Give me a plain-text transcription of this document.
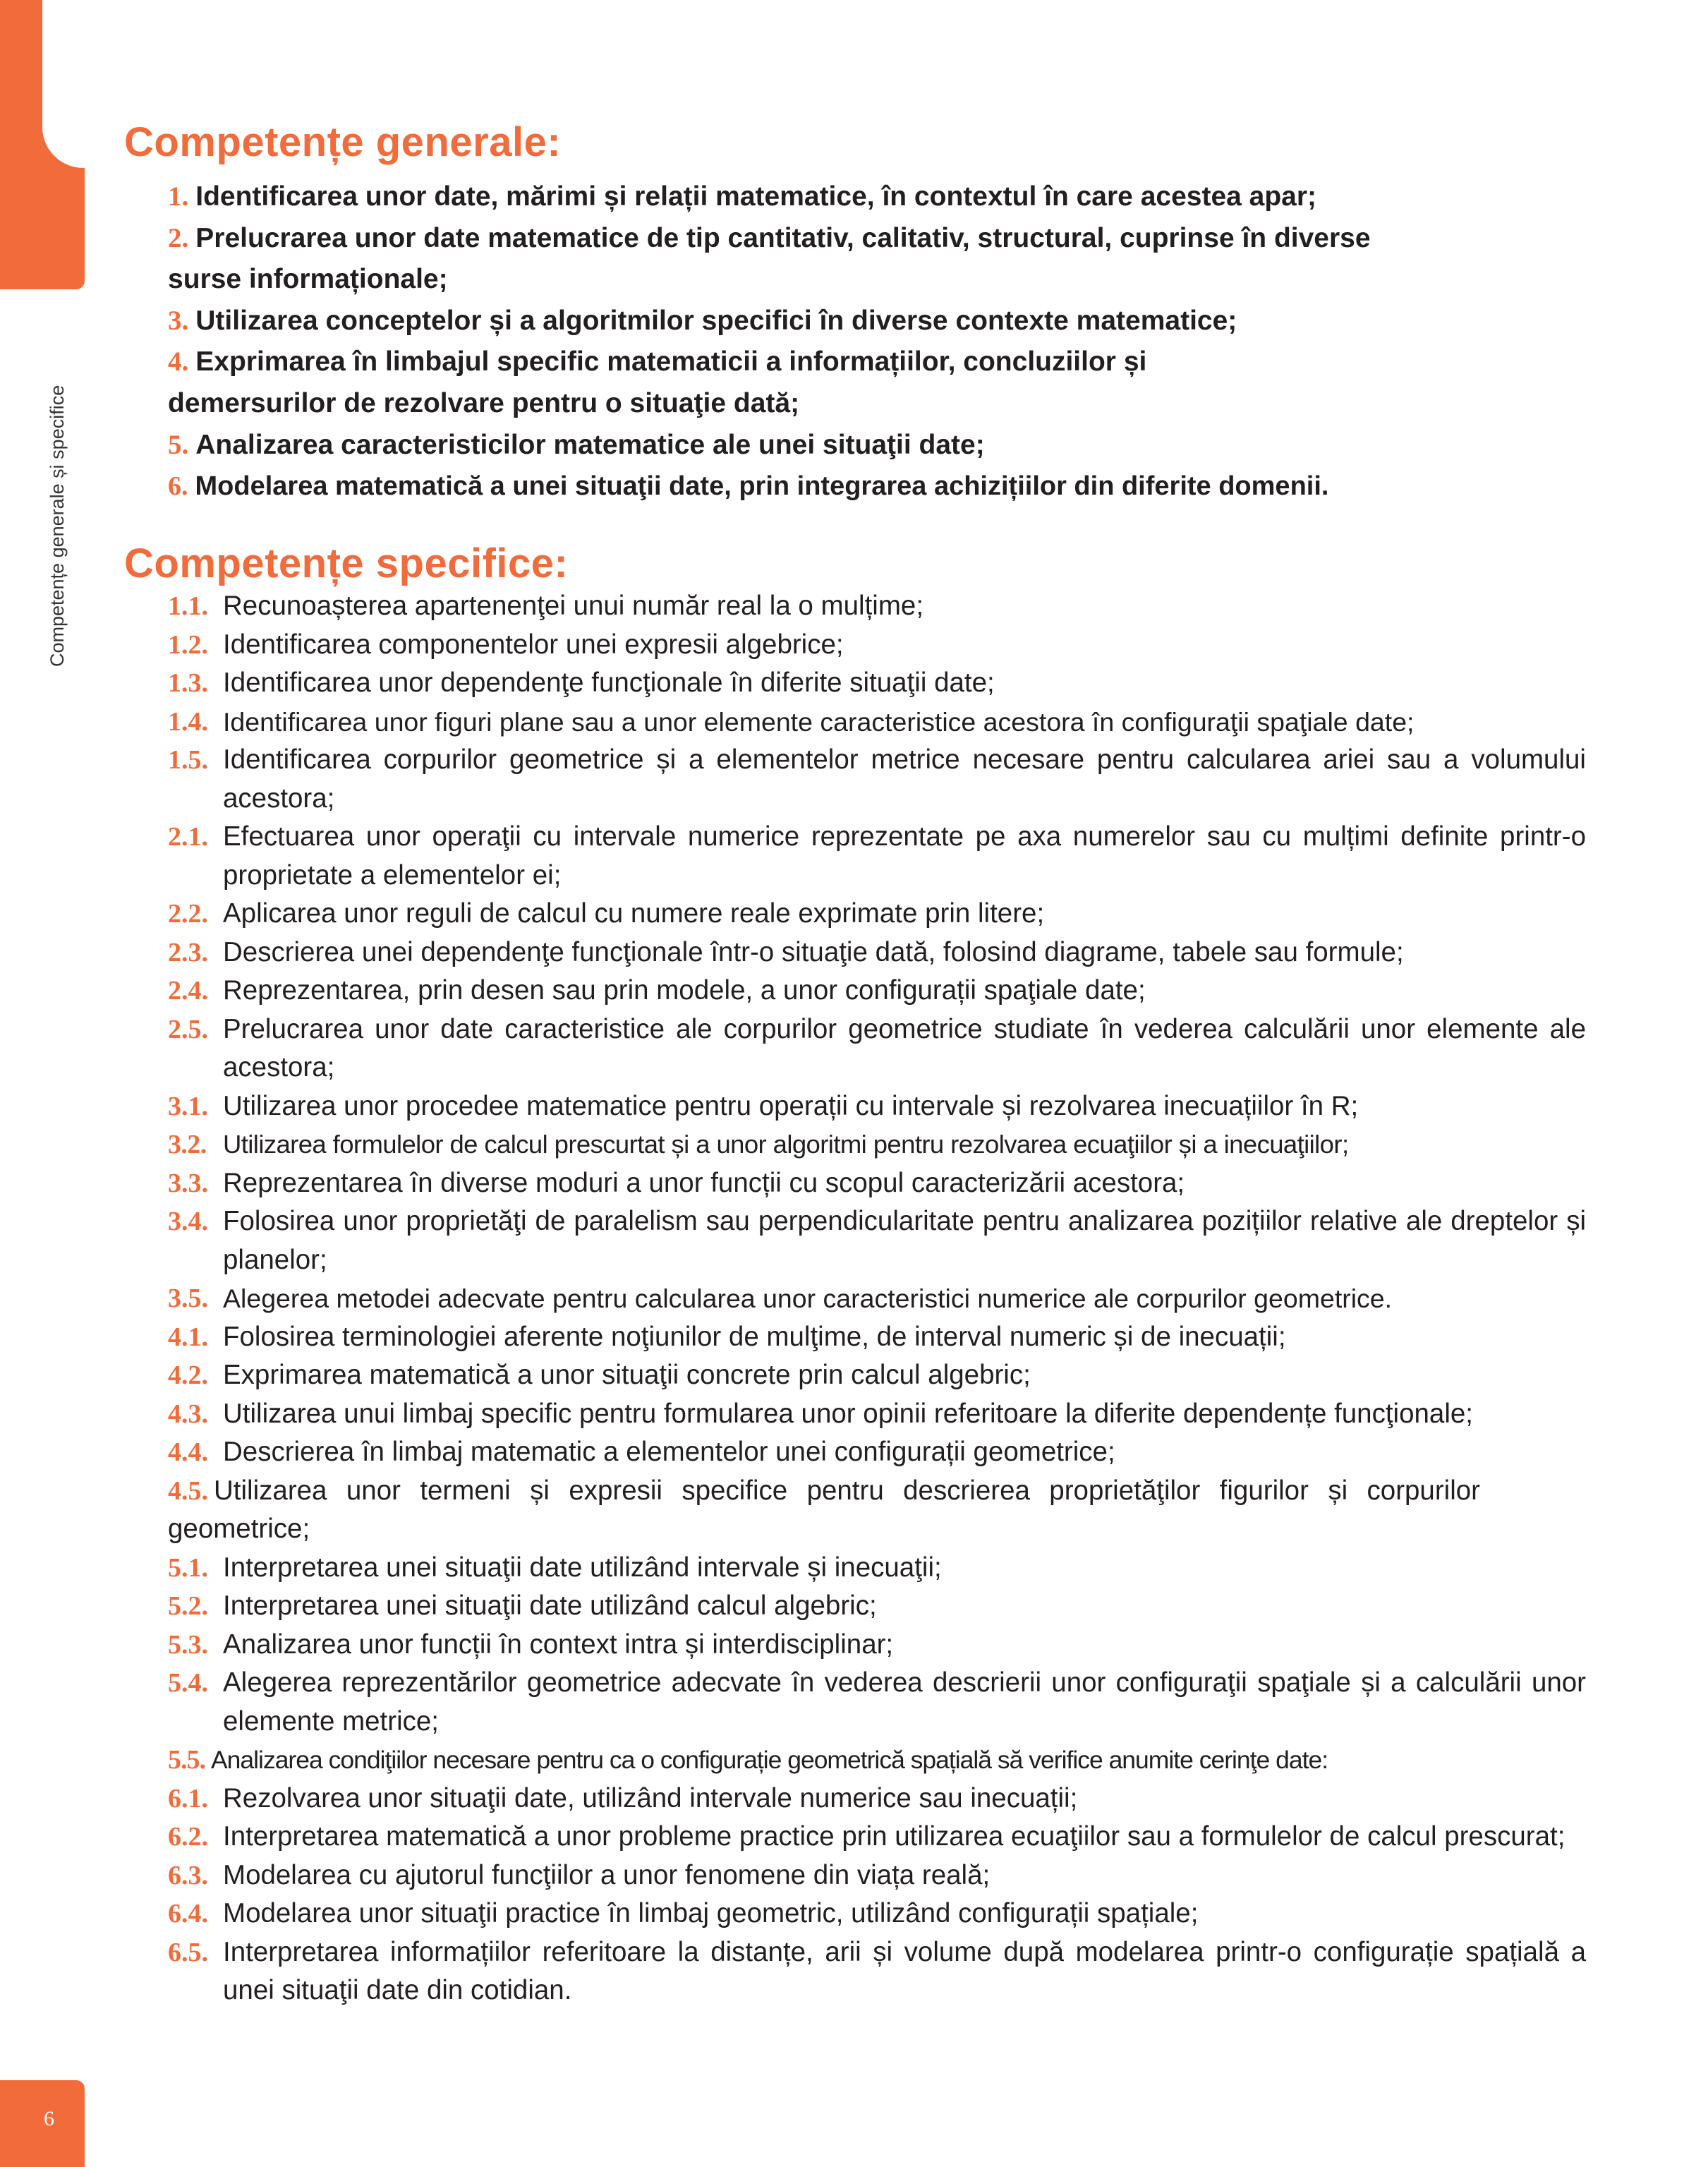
6
Competențe generale și specifice
Competențe generale:
1. Identificarea unor date, mărimi și relații matematice, în contextul în care acestea apar;
2. Prelucrarea unor date matematice de tip cantitativ, calitativ, structural, cuprinse în diverse surse informaționale;
3. Utilizarea conceptelor și a algoritmilor specifici în diverse contexte matematice;
4. Exprimarea în limbajul specific matematicii a informațiilor, concluziilor și demersurilor de rezolvare pentru o situaţie dată;
5. Analizarea caracteristicilor matematice ale unei situaţii date;
6. Modelarea matematică a unei situaţii date, prin integrarea achizițiilor din diferite domenii.
Competențe specifice:
1.1. Recunoașterea apartenenţei unui număr real la o mulțime;
1.2. Identificarea componentelor unei expresii algebrice;
1.3. Identificarea unor dependenţe funcţionale în diferite situaţii date;
1.4. Identificarea unor figuri plane sau a unor elemente caracteristice acestora în configuraţii spaţiale date;
1.5. Identificarea corpurilor geometrice și a elementelor metrice necesare pentru calcularea ariei sau a volumului acestora;
2.1. Efectuarea unor operaţii cu intervale numerice reprezentate pe axa numerelor sau cu mulțimi definite printr-o proprietate a elementelor ei;
2.2. Aplicarea unor reguli de calcul cu numere reale exprimate prin litere;
2.3. Descrierea unei dependenţe funcţionale într-o situaţie dată, folosind diagrame, tabele sau formule;
2.4. Reprezentarea, prin desen sau prin modele, a unor configurații spaţiale date;
2.5. Prelucrarea unor date caracteristice ale corpurilor geometrice studiate în vederea calculării unor elemente ale acestora;
3.1. Utilizarea unor procedee matematice pentru operații cu intervale și rezolvarea inecuațiilor în R;
3.2. Utilizarea formulelor de calcul prescurtat și a unor algoritmi pentru rezolvarea ecuaţiilor și a inecuaţiilor;
3.3. Reprezentarea în diverse moduri a unor funcții cu scopul caracterizării acestora;
3.4. Folosirea unor proprietăţi de paralelism sau perpendicularitate pentru analizarea pozițiilor relative ale dreptelor și planelor;
3.5. Alegerea metodei adecvate pentru calcularea unor caracteristici numerice ale corpurilor geometrice.
4.1. Folosirea terminologiei aferente noţiunilor de mulţime, de interval numeric și de inecuații;
4.2. Exprimarea matematică a unor situaţii concrete prin calcul algebric;
4.3. Utilizarea unui limbaj specific pentru formularea unor opinii referitoare la diferite dependențe funcţionale;
4.4. Descrierea în limbaj matematic a elementelor unei configurații geometrice;
4.5. Utilizarea unor termeni și expresii specifice pentru descrierea proprietăţilor figurilor și corpurilor geometrice;
5.1. Interpretarea unei situaţii date utilizând intervale și inecuaţii;
5.2. Interpretarea unei situaţii date utilizând calcul algebric;
5.3. Analizarea unor funcții în context intra și interdisciplinar;
5.4. Alegerea reprezentărilor geometrice adecvate în vederea descrierii unor configuraţii spaţiale și a calculării unor elemente metrice;
5.5. Analizarea condiţiilor necesare pentru ca o configurație geometrică spațială să verifice anumite cerinţe date:
6.1. Rezolvarea unor situaţii date, utilizând intervale numerice sau inecuații;
6.2. Interpretarea matematică a unor probleme practice prin utilizarea ecuaţiilor sau a formulelor de calcul prescurat;
6.3. Modelarea cu ajutorul funcţiilor a unor fenomene din viața reală;
6.4. Modelarea unor situaţii practice în limbaj geometric, utilizând configurații spațiale;
6.5. Interpretarea informațiilor referitoare la distanțe, arii și volume după modelarea printr-o configurație spațială a unei situaţii date din cotidian.
